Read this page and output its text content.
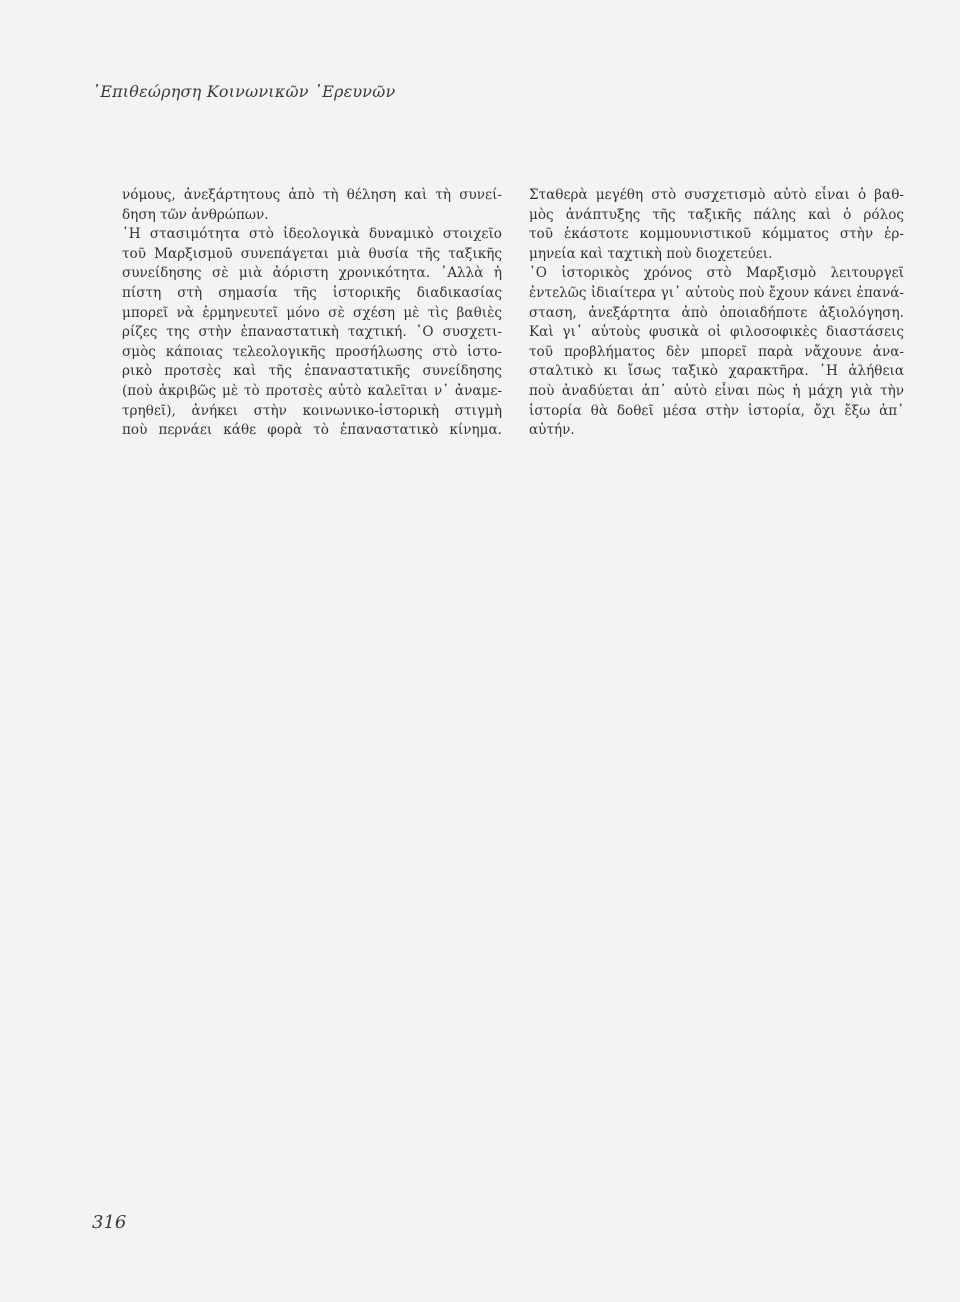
᾽Επιθεώρηση Κοινωνικῶν ᾽Ερευνῶν
νόμους, ἀνεξάρτητους ἀπὸ τὴ θέληση καὶ τὴ συνεί-
δηση τῶν ἀνθρώπων.
῾Η στασιμότητα στὸ ἰδεολογικὰ δυναμικὸ στοιχεῖο
τοῦ Μαρξισμοῦ συνεπάγεται μιὰ θυσία τῆς ταξικῆς
συνείδησης σὲ μιὰ ἀόριστη χρονικότητα. ᾽Αλλὰ ἡ
πίστη στὴ σημασία τῆς ἱστορικῆς διαδικασίας
μπορεῖ νὰ ἑρμηνευτεῖ μόνο σὲ σχέση μὲ τὶς βαθιὲς
ρίζες της στὴν ἐπαναστατικὴ ταχτική. ῾Ο συσχετι-
σμὸς κάποιας τελεολογικῆς προσήλωσης στὸ ἱστο-
ρικὸ προτσὲς καὶ τῆς ἐπαναστατικῆς συνείδησης
(ποὺ ἀκριβῶς μὲ τὸ προτσὲς αὐτὸ καλεῖται ν᾽ ἀναμε-
τρηθεῖ), ἀνήκει στὴν κοινωνικο-ἱστορικὴ στιγμὴ
ποὺ περνάει κάθε φορὰ τὸ ἐπαναστατικὸ κίνημα.
Σταθερὰ μεγέθη στὸ συσχετισμὸ αὐτὸ εἶναι ὁ βαθ-
μὸς ἀνάπτυξης τῆς ταξικῆς πάλης καὶ ὁ ρόλος
τοῦ ἑκάστοτε κομμουνιστικοῦ κόμματος στὴν ἑρ-
μηνεία καὶ ταχτικὴ ποὺ διοχετεύει.
῾Ο ἱστορικὸς χρόνος στὸ Μαρξισμὸ λειτουργεῖ
ἐντελῶς ἰδιαίτερα γι᾽ αὐτοὺς ποὺ ἔχουν κάνει ἐπανά-
σταση, ἀνεξάρτητα ἀπὸ ὁποιαδήποτε ἀξιολόγηση.
Καὶ γι᾽ αὐτοὺς φυσικὰ οἱ φιλοσοφικὲς διαστάσεις
τοῦ προβλήματος δὲν μπορεῖ παρὰ νἄχουνε ἀνα-
σταλτικὸ κι ἴσως ταξικὸ χαρακτῆρα. ῾Η ἀλήθεια
ποὺ ἀναδύεται ἀπ᾽ αὐτὸ εἶναι πὼς ἡ μάχη γιὰ τὴν
ἱστορία θὰ δοθεῖ μέσα στὴν ἱστορία, ὄχι ἔξω ἀπ᾽
αὐτήν.
316
